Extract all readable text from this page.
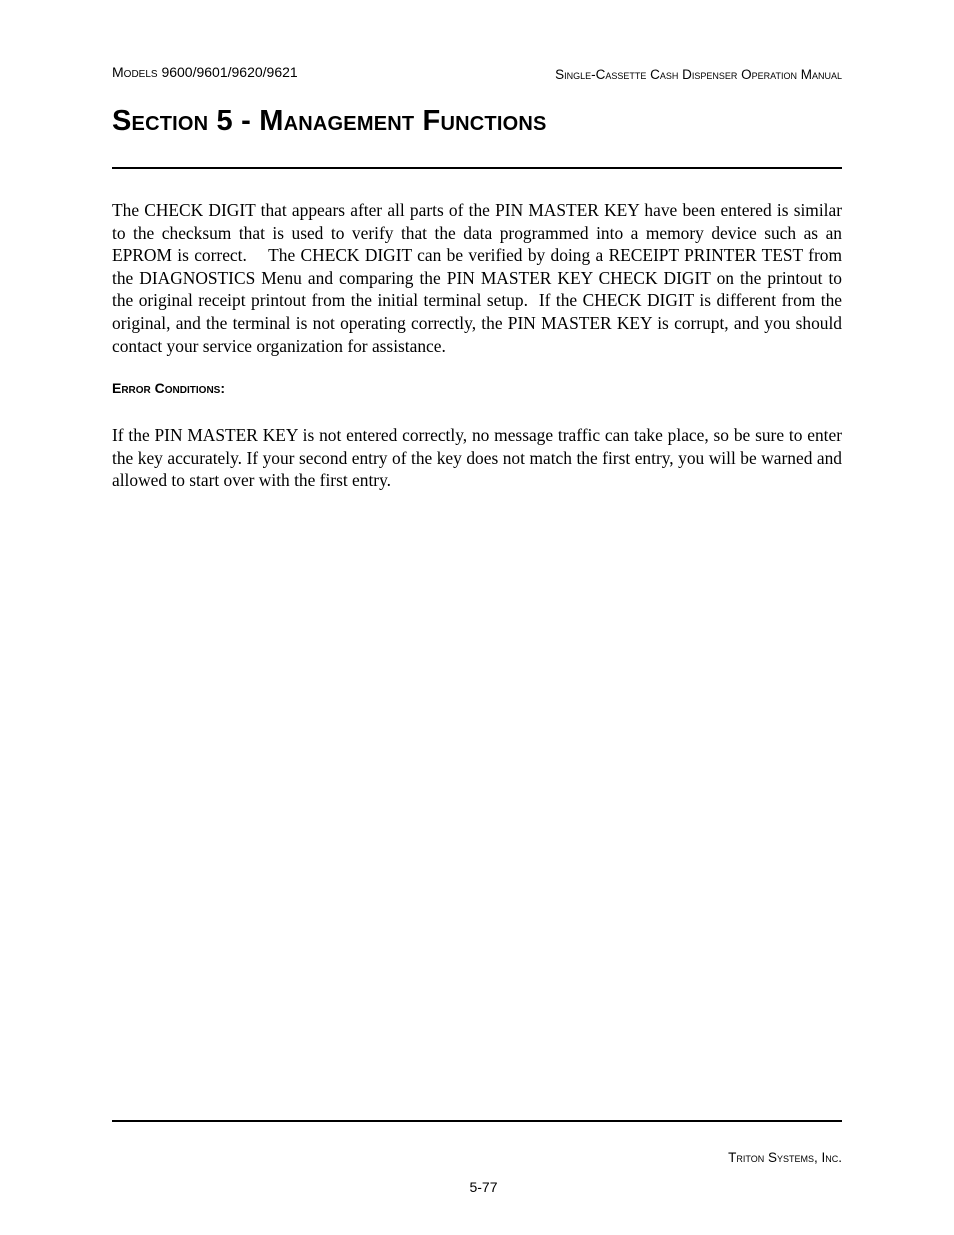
Models 9600/9601/9620/9621	Single-Cassette Cash Dispenser Operation Manual
Section 5 - Management Functions

The CHECK DIGIT that appears after all parts of the PIN MASTER KEY have been entered is similar to the checksum that is used to verify that the data programmed into a memory device such as an EPROM is correct.    The CHECK DIGIT can be verified by doing a RECEIPT PRINTER TEST from the DIAGNOSTICS Menu and comparing the PIN MASTER KEY CHECK DIGIT on the printout to the original receipt printout from the initial terminal setup.  If the CHECK DIGIT is different from the original, and the terminal is not operating correctly, the PIN MASTER KEY is corrupt, and you should contact your service organization for assistance.

Error Conditions:

If the PIN MASTER KEY is not entered correctly, no message traffic can take place, so be sure to enter the key accurately. If your second entry of the key does not match the first entry, you will be warned and allowed to start over with the first entry.

Triton Systems, Inc.
5-77
